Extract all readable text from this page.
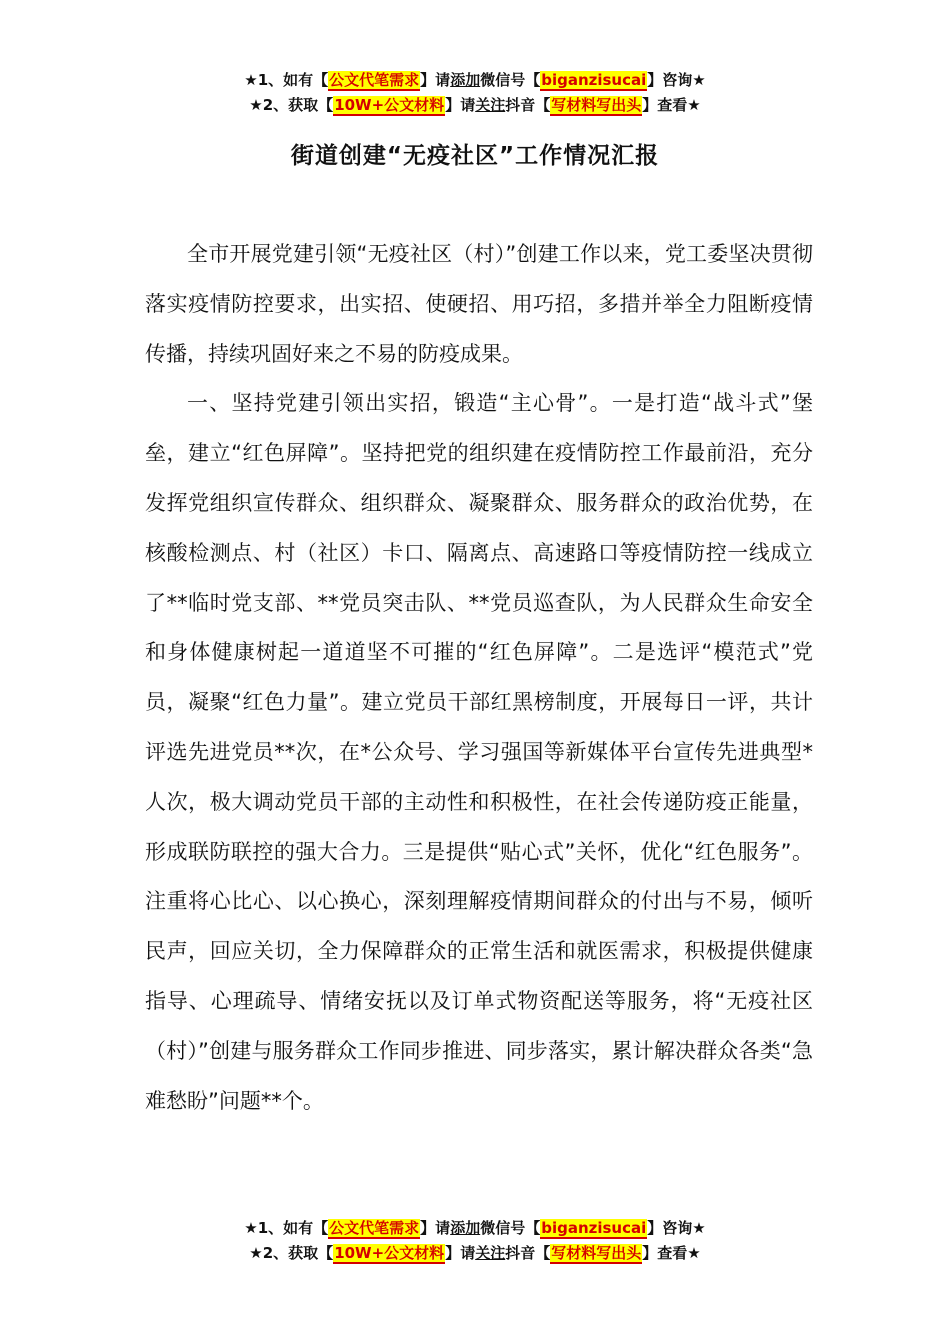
★1、如有【公文代笔需求】请添加微信号【biganzisucai】咨询★
★2、获取【10W+公文材料】请关注抖音【写材料写出头】查看★
街道创建“无疫社区”工作情况汇报

全市开展党建引领“无疫社区（村）”创建工作以来，党工委坚决贯彻落实疫情防控要求，出实招、使硬招、用巧招，多措并举全力阻断疫情传播，持续巩固好来之不易的防疫成果。

一、坚持党建引领出实招，锻造“主心骨”。一是打造“战斗式”堡垒，建立“红色屏障”。坚持把党的组织建在疫情防控工作最前沿，充分发挥党组织宣传群众、组织群众、凝聚群众、服务群众的政治优势，在核酸检测点、村（社区）卡口、隔离点、高速路口等疫情防控一线成立了**临时党支部、**党员突击队、**党员巡查队，为人民群众生命安全和身体健康树起一道道坚不可摧的“红色屏障”。二是选评“模范式”党员，凝聚“红色力量”。建立党员干部红黑榜制度，开展每日一评，共计评选先进党员**次，在*公众号、学习强国等新媒体平台宣传先进典型*人次，极大调动党员干部的主动性和积极性，在社会传递防疫正能量，形成联防联控的强大合力。三是提供“贴心式”关怀，优化“红色服务”。注重将心比心、以心换心，深刻理解疫情期间群众的付出与不易，倾听民声，回应关切，全力保障群众的正常生活和就医需求，积极提供健康指导、心理疏导、情绪安抚以及订单式物资配送等服务，将“无疫社区（村）”创建与服务群众工作同步推进、同步落实，累计解决群众各类“急难愁盼”问题**个。

★1、如有【公文代笔需求】请添加微信号【biganzisucai】咨询★
★2、获取【10W+公文材料】请关注抖音【写材料写出头】查看★
